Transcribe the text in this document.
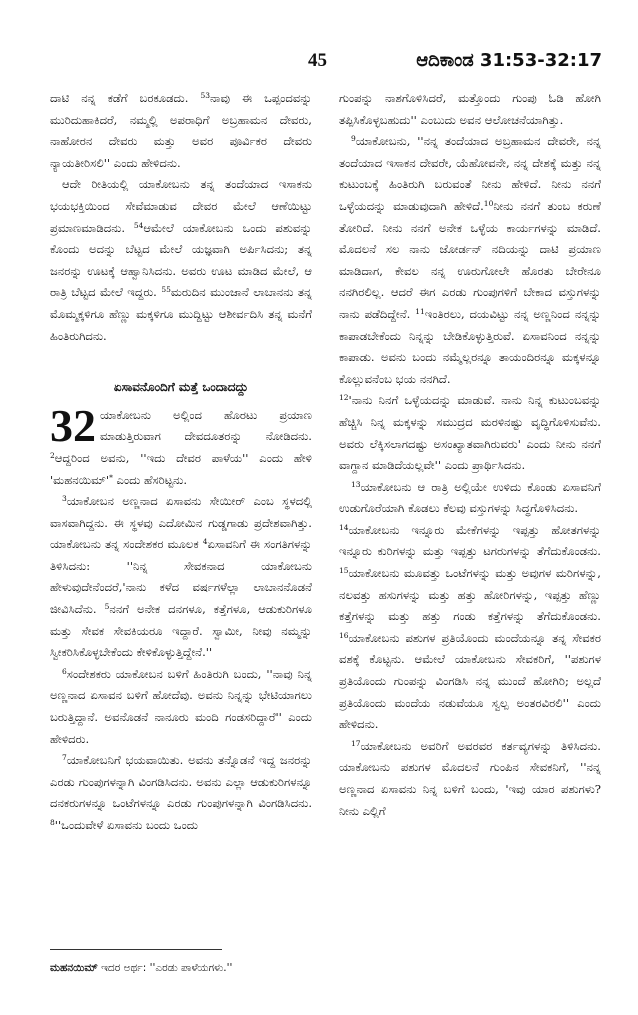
45	ಆದಿಕಾಂಡ 31:53-32:17

ದಾಟಿ ನನ್ನ ಕಡೆಗೆ ಬರಕೂಡದು. $^{53}$ನಾವು ಈ ಒಪ್ಪಂದವನ್ನು ಮುರಿದುಹಾಕಿದರೆ, ನಮ್ಮಲ್ಲಿ ಅಪರಾಧಿಗೆ ಅಬ್ರಹಾಮನ ದೇವರು, ನಾಹೋರನ ದೇವರು ಮತ್ತು ಅವರ ಪೂರ್ವಿಕರ ದೇವರು ನ್ಯಾಯತೀರಿಸಲಿ'' ಎಂದು ಹೇಳಿದನು.

ಆದೇ ರೀತಿಯಲ್ಲಿ ಯಾಕೋಬನು ತನ್ನ ತಂದೆಯಾದ ಇಸಾಕನು ಭಯಭಕ್ತಿಯಿಂದ ಸೇವೆಮಾಡುವ ದೇವರ ಮೇಲೆ ಆಣೆಯಿಟ್ಟು ಪ್ರಮಾಣಮಾಡಿದನು. $^{54}$ಆಮೇಲೆ ಯಾಕೋಬನು ಒಂದು ಪಶುವನ್ನು ಕೊಂದು ಅದನ್ನು ಬೆಟ್ಟದ ಮೇಲೆ ಯಜ್ಞವಾಗಿ ಅರ್ಪಿಸಿದನು; ತನ್ನ ಜನರನ್ನು ಊಟಕ್ಕೆ ಆಹ್ವಾನಿಸಿದನು. ಅವರು ಊಟ ಮಾಡಿದ ಮೇಲೆ, ಆ ರಾತ್ರಿ ಬೆಟ್ಟದ ಮೇಲೆ ಇದ್ದರು. $^{55}$ಮರುದಿನ ಮುಂಜಾನೆ ಲಾಬಾನನು ತನ್ನ ಮೊಮ್ಮಕ್ಕಳಿಗೂ ಹೆಣ್ಣು ಮಕ್ಕಳಿಗೂ ಮುದ್ದಿಟ್ಟು ಆಶೀರ್ವದಿಸಿ ತನ್ನ ಮನೆಗೆ ಹಿಂತಿರುಗಿದನು.

ಏಸಾವನೊಂದಿಗೆ ಮತ್ತೆ ಒಂದಾದದ್ದು

32 ಯಾಕೋಬನು ಅಲ್ಲಿಂದ ಹೊರಟು ಪ್ರಯಾಣ ಮಾಡುತ್ತಿರುವಾಗ ದೇವದೂತರನ್ನು ನೋಡಿದನು. $^2$ಆದ್ದರಿಂದ ಅವನು, ''ಇದು ದೇವರ ಪಾಳೆಯ'' ಎಂದು ಹೇಳಿ 'ಮಹನಯಿಮ್'* ಎಂದು ಹೆಸರಿಟ್ಟನು.

$^3$ಯಾಕೋಬನ ಅಣ್ಣನಾದ ಏಸಾವನು ಸೇಯೀರ್ ಎಂಬ ಸ್ಥಳದಲ್ಲಿ ವಾಸವಾಗಿದ್ದನು. ಈ ಸ್ಥಳವು ಎದೋಮಿನ ಗುಡ್ಡಗಾಡು ಪ್ರದೇಶವಾಗಿತ್ತು. ಯಾಕೋಬನು ತನ್ನ ಸಂದೇಶಕರ ಮೂಲಕ $^4$ಏಸಾವನಿಗೆ ಈ ಸಂಗತಿಗಳನ್ನು ತಿಳಿಸಿದನು: ''ನಿನ್ನ ಸೇವಕನಾದ ಯಾಕೋಬನು ಹೇಳುವುದೇನೆಂದರೆ,'ನಾನು ಕಳೆದ ವರ್ಷಗಳೆಲ್ಲಾ ಲಾಬಾನನೊಡನೆ ಜೀವಿಸಿದೆನು. $^5$ನನಗೆ ಅನೇಕ ದನಗಳೂ, ಕತ್ತೆಗಳೂ, ಆಡುಕುರಿಗಳೂ ಮತ್ತು ಸೇವಕ ಸೇವಕಿಯರೂ ಇದ್ದಾರೆ. ಸ್ವಾಮೀ, ನೀವು ನಮ್ಮನ್ನು ಸ್ವೀಕರಿಸಿಕೊಳ್ಳಬೇಕೆಂದು ಕೇಳಿಕೊಳ್ಳುತ್ತಿದ್ದೇನೆ.''

$^6$ಸಂದೇಶಕರು ಯಾಕೋಬನ ಬಳಿಗೆ ಹಿಂತಿರುಗಿ ಬಂದು, ''ನಾವು ನಿನ್ನ ಅಣ್ಣನಾದ ಏಸಾವನ ಬಳಿಗೆ ಹೋದೆವು. ಅವನು ನಿನ್ನನ್ನು ಭೇಟಿಯಾಗಲು ಬರುತ್ತಿದ್ದಾನೆ. ಅವನೊಡನೆ ನಾನೂರು ಮಂದಿ ಗಂಡಸರಿದ್ದಾರೆ'' ಎಂದು ಹೇಳಿದರು.

$^7$ಯಾಕೋಬನಿಗೆ ಭಯವಾಯಿತು. ಅವನು ತನ್ನೊಡನೆ ಇದ್ದ ಜನರನ್ನು ಎರಡು ಗುಂಪುಗಳನ್ನಾಗಿ ವಿಂಗಡಿಸಿದನು. ಅವನು ಎಲ್ಲಾ ಆಡುಕುರಿಗಳನ್ನೂ ದನಕರುಗಳನ್ನೂ ಒಂಟೆಗಳನ್ನೂ ಎರಡು ಗುಂಪುಗಳನ್ನಾಗಿ ವಿಂಗಡಿಸಿದನು. $^8$''ಒಂದುವೇಳೆ ಏಸಾವನು ಬಂದು ಒಂದು

ಗುಂಪನ್ನು ನಾಶಗೊಳಿಸಿದರೆ, ಮತ್ತೊಂದು ಗುಂಪು ಓಡಿ ಹೋಗಿ ತಪ್ಪಿಸಿಕೊಳ್ಳಬಹುದು'' ಎಂಬುದು ಅವನ ಆಲೋಚನೆಯಾಗಿತ್ತು.

$^9$ಯಾಕೋಬನು, ''ನನ್ನ ತಂದೆಯಾದ ಅಬ್ರಹಾಮನ ದೇವರೇ, ನನ್ನ ತಂದೆಯಾದ ಇಸಾಕನ ದೇವರೇ, ಯೆಹೋವನೇ, ನನ್ನ ದೇಶಕ್ಕೆ ಮತ್ತು ನನ್ನ ಕುಟುಂಬಕ್ಕೆ ಹಿಂತಿರುಗಿ ಬರುವಂತೆ ನೀನು ಹೇಳಿದೆ. ನೀನು ನನಗೆ ಒಳ್ಳೆಯದನ್ನು ಮಾಡುವುದಾಗಿ ಹೇಳಿದೆ.$^{10}$ನೀನು ನನಗೆ ತುಂಬ ಕರುಣೆ ತೋರಿದೆ. ನೀನು ನನಗೆ ಅನೇಕ ಒಳ್ಳೆಯ ಕಾರ್ಯಗಳನ್ನು ಮಾಡಿದೆ. ಮೊದಲನೆ ಸಲ ನಾನು ಜೋರ್ಡನ್ ನದಿಯನ್ನು ದಾಟಿ ಪ್ರಯಾಣ ಮಾಡಿದಾಗ, ಕೇವಲ ನನ್ನ ಊರುಗೋಲೇ ಹೊರತು ಬೇರೇನೂ ನನಗಿರಲಿಲ್ಲ. ಆದರೆ ಈಗ ಎರಡು ಗುಂಪುಗಳಿಗೆ ಬೇಕಾದ ವಸ್ತುಗಳನ್ನು ನಾನು ಪಡೆದಿದ್ದೇನೆ. $^{11}$ಇಂತಿರಲು, ದಯವಿಟ್ಟು ನನ್ನ ಅಣ್ಣನಿಂದ ನನ್ನನ್ನು ಕಾಪಾಡಬೇಕೆಂದು ನಿನ್ನನ್ನು ಬೇಡಿಕೊಳ್ಳುತ್ತಿರುವೆ. ಏಸಾವನಿಂದ ನನ್ನನ್ನು ಕಾಪಾಡು. ಅವನು ಬಂದು ನಮ್ಮೆಲ್ಲರನ್ನೂ ತಾಯಂದಿರನ್ನೂ ಮಕ್ಕಳನ್ನೂ ಕೊಲ್ಲುವನೆಂಬ ಭಯ ನನಗಿದೆ.

$^{12}$'ನಾನು ನಿನಗೆ ಒಳ್ಳೆಯದನ್ನು ಮಾಡುವೆ. ನಾನು ನಿನ್ನ ಕುಟುಂಬವನ್ನು ಹೆಚ್ಚಿಸಿ ನಿನ್ನ ಮಕ್ಕಳನ್ನು ಸಮುದ್ರದ ಮರಳಿನಷ್ಟು ವೃದ್ಧಿಗೊಳಿಸುವೆನು. ಅವರು ಲೆಕ್ಕಿಸಲಾಗದಷ್ಟು ಅಸಂಖ್ಯಾತವಾಗಿರುವರು' ಎಂದು ನೀನು ನನಗೆ ವಾಗ್ದಾನ ಮಾಡಿದೆಯಲ್ಲವೇ'' ಎಂದು ಪ್ರಾರ್ಥಿಸಿದನು.

$^{13}$ಯಾಕೋಬನು ಆ ರಾತ್ರಿ ಅಲ್ಲಿಯೇ ಉಳಿದು ಕೊಂಡು ಏಸಾವನಿಗೆ ಉಡುಗೊರೆಯಾಗಿ ಕೊಡಲು ಕೆಲವು ವಸ್ತುಗಳನ್ನು ಸಿದ್ಧಗೊಳಿಸಿದನು.

$^{14}$ಯಾಕೋಬನು ಇನ್ನೂರು ಮೇಕೆಗಳನ್ನು ಇಪ್ಪತ್ತು ಹೋತಗಳನ್ನು ಇನ್ನೂರು ಕುರಿಗಳನ್ನು ಮತ್ತು ಇಪ್ಪತ್ತು ಟಗರುಗಳನ್ನು ತೆಗೆದುಕೊಂಡನು. $^{15}$ಯಾಕೋಬನು ಮೂವತ್ತು ಒಂಟೆಗಳನ್ನು ಮತ್ತು ಅವುಗಳ ಮರಿಗಳನ್ನು, ನಲವತ್ತು ಹಸುಗಳನ್ನು ಮತ್ತು ಹತ್ತು ಹೋರಿಗಳನ್ನು, ಇಪ್ಪತ್ತು ಹೆಣ್ಣು ಕತ್ತೆಗಳನ್ನು ಮತ್ತು ಹತ್ತು ಗಂಡು ಕತ್ತೆಗಳನ್ನು ತೆಗೆದುಕೊಂಡನು. $^{16}$ಯಾಕೋಬನು ಪಶುಗಳ ಪ್ರತಿಯೊಂದು ಮಂದೆಯನ್ನೂ ತನ್ನ ಸೇವಕರ ವಶಕ್ಕೆ ಕೊಟ್ಟನು. ಆಮೇಲೆ ಯಾಕೋಬನು ಸೇವಕರಿಗೆ, ''ಪಶುಗಳ ಪ್ರತಿಯೊಂದು ಗುಂಪನ್ನು ವಿಂಗಡಿಸಿ ನನ್ನ ಮುಂದೆ ಹೋಗಿರಿ; ಅಲ್ಲದೆ ಪ್ರತಿಯೊಂದು ಮಂದೆಯ ನಡುವೆಯೂ ಸ್ವಲ್ಪ ಅಂತರವಿರಲಿ'' ಎಂದು ಹೇಳಿದನು.

$^{17}$ಯಾಕೋಬನು ಅವರಿಗೆ ಅವರವರ ಕರ್ತವ್ಯಗಳನ್ನು ತಿಳಿಸಿದನು. ಯಾಕೋಬನು ಪಶುಗಳ ಮೊದಲನೆ ಗುಂಪಿನ ಸೇವಕನಿಗೆ, ''ನನ್ನ ಅಣ್ಣನಾದ ಏಸಾವನು ನಿನ್ನ ಬಳಿಗೆ ಬಂದು, 'ಇವು ಯಾರ ಪಶುಗಳು? ನೀನು ಎಲ್ಲಿಗೆ

ಮಹನಯಿಮ್ ಇದರ ಅರ್ಥ: ''ಎರಡು ಪಾಳೆಯಗಳು.''
